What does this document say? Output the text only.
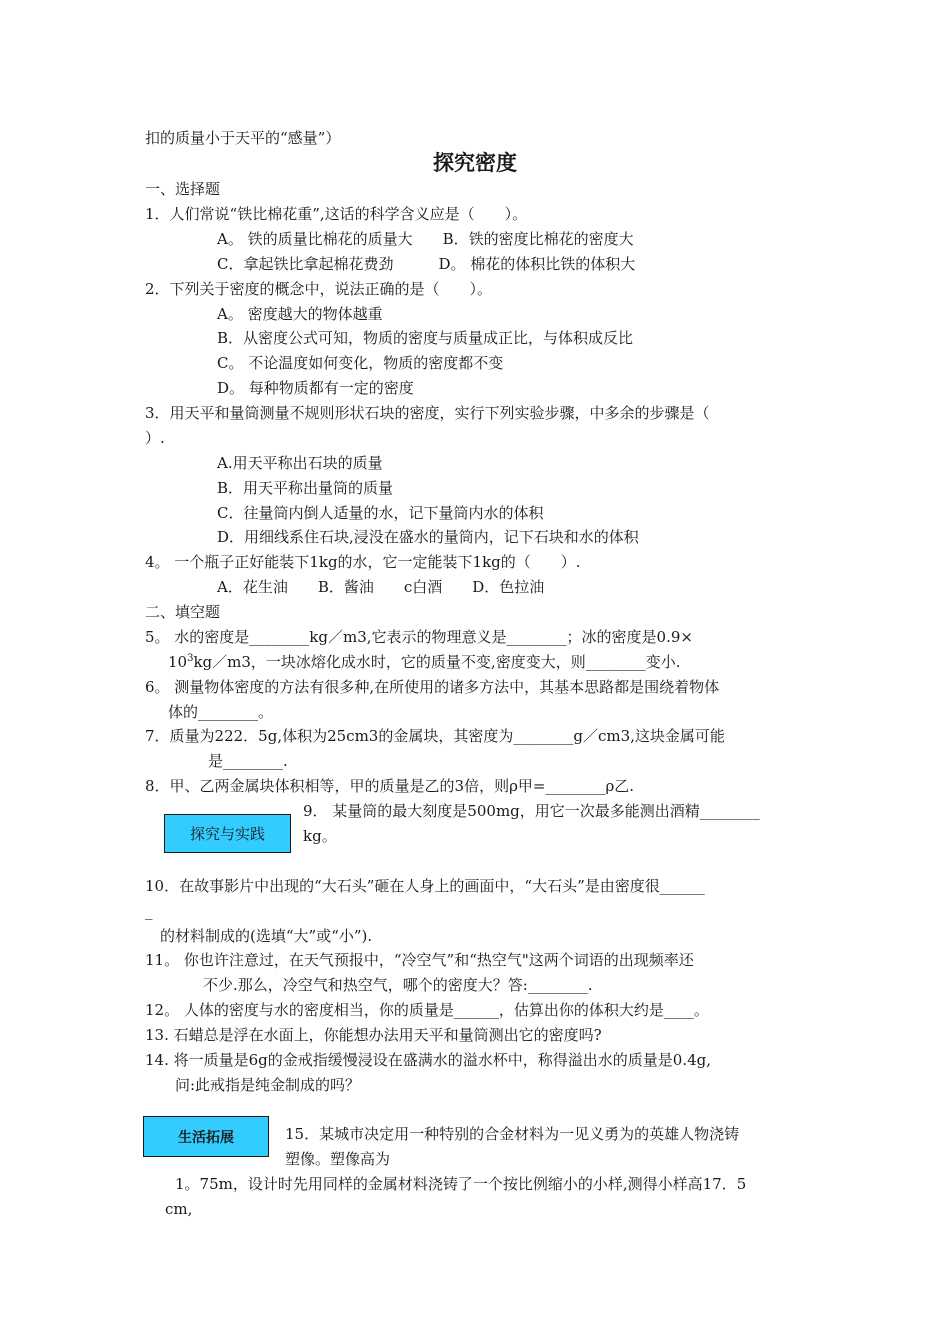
扣的质量小于天平的“感量”）
探究密度
一、选择题
1．人们常说“铁比棉花重”,这话的科学含义应是（　　）。
A。 铁的质量比棉花的质量大　　B．铁的密度比棉花的密度大
C．拿起铁比拿起棉花费劲　　　D。 棉花的体积比铁的体积大
2．下列关于密度的概念中，说法正确的是（　　）。
A。 密度越大的物体越重
B．从密度公式可知，物质的密度与质量成正比，与体积成反比
C。 不论温度如何变化，物质的密度都不变
D。 每种物质都有一定的密度
3．用天平和量筒测量不规则形状石块的密度，实行下列实验步骤，中多余的步骤是（
）.
A.用天平称出石块的质量
B．用天平称出量筒的质量
C．往量筒内倒人适量的水，记下量筒内水的体积
D．用细线系住石块,浸没在盛水的量筒内，记下石块和水的体积
4。 一个瓶子正好能装下1kg的水，它一定能装下1kg的（　　）.
A．花生油　　B．酱油　　c白酒　　D．色拉油
二、填空题
5。 水的密度是________kg／m3,它表示的物理意义是________；冰的密度是0.9×
$10^3kg/m3$，一块冰熔化成水时，它的质量不变,密度变大，则________变小.
6。 测量物体密度的方法有很多种,在所使用的诸多方法中，其基本思路都是围绕着物体
体的________。
7．质量为222．5g,体积为25cm3的金属块，其密度为________g／cm3,这块金属可能
是________.
8．甲、乙两金属块体积相等，甲的质量是乙的3倍，则ρ甲=________ρ乙.
9． 某量筒的最大刻度是500mg，用它一次最多能测出酒精________
探究与实践	kg。
10．在故事影片中出现的“大石头”砸在人身上的画面中，“大石头”是由密度很______
_
的材料制成的(选填“大”或“小”).
11。 你也许注意过，在天气预报中，“冷空气”和“热空气"这两个词语的出现频率还
不少.那么，冷空气和热空气，哪个的密度大？答:________.
12。 人体的密度与水的密度相当，你的质量是______，估算出你的体积大约是____。
13. 石蜡总是浮在水面上，你能想办法用天平和量筒测出它的密度吗?
14. 将一质量是6g的金戒指缓慢浸设在盛满水的溢水杯中，称得溢出水的质量是0.4g,
问:此戒指是纯金制成的吗？
生活拓展	15．某城市决定用一种特别的合金材料为一见义勇为的英雄人物浇铸
塑像。塑像高为
1。75m，设计时先用同样的金属材料浇铸了一个按比例缩小的小样,测得小样高17．5
cm,
